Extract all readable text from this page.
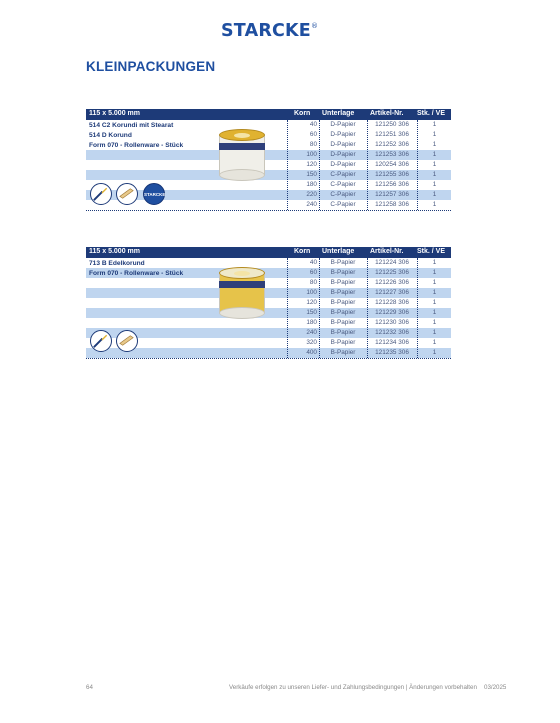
STARCKE®
KLEINPACKUNGEN
115 x 5.000 mm	Korn Unterlage Artikel-Nr. Stk. / VE
40	D-Papier	121250 306	1
60	D-Papier	121251 306	1
80	D-Papier	121252 306	1
100	D-Papier	121253 306	1
120	D-Papier	120254 306	1
150	C-Papier	121255 306	1
180	C-Papier	121256 306	1
220	C-Papier	121257 306	1
240	C-Papier	121258 306	1
514 C2 Korundi mit Stearat
514 D Korund
Form 070 - Rollenware - Stück
STARCKE STUFF
115 x 5.000 mm	Korn Unterlage Artikel-Nr. Stk. / VE
40	B-Papier	121224 306	1
60	B-Papier	121225 306	1
80	B-Papier	121226 306	1
100	B-Papier	121227 306	1
120	B-Papier	121228 306	1
150	B-Papier	121229 306	1
180	B-Papier	121230 306	1
240	B-Papier	121232 306	1
320	B-Papier	121234 306	1
400	B-Papier	121235 306	1
713 B Edelkorund
Form 070 - Rollenware - Stück
64	Verkäufe erfolgen zu unseren Liefer- und Zahlungsbedingungen | Änderungen vorbehalten 03/2025
